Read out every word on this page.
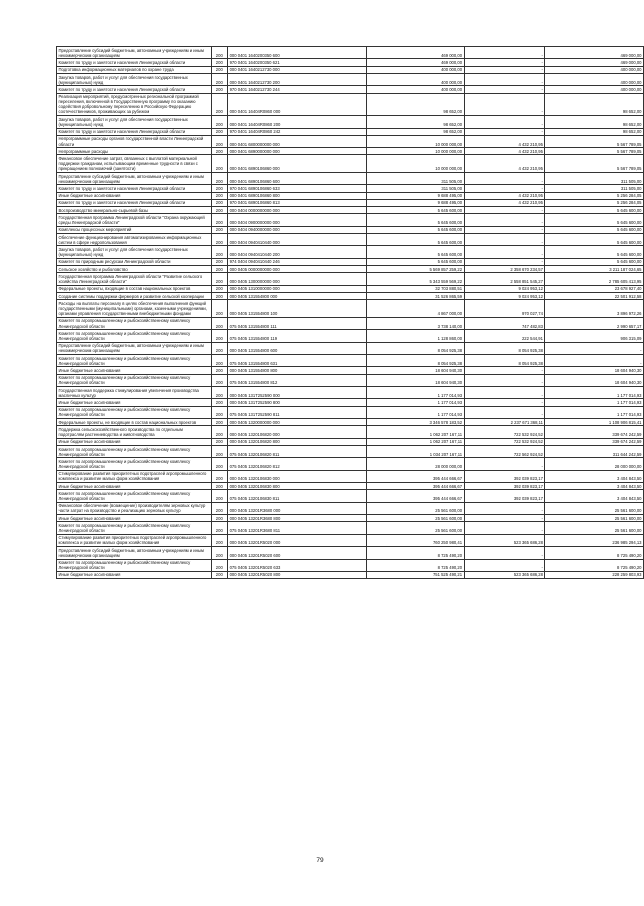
Предоставление субсидий бюджетным, автономным учреждениям и иным некоммерческим организациям	200	000 0401 1640200350 600	469 000,00	-	469 000,00
Комитет по труду и занятости населения Ленинградской области	200	970 0401 1640200350 621	469 000,00	-	469 000,00
Подготовка информационных материалов по охране труда	200	000 0401 1640212730 000	400 000,00	-	400 000,00
Закупка товаров, работ и услуг для обеспечения государственных (муниципальных) нужд	200	000 0401 1640212730 200	400 000,00	-	400 000,00
Комитет по труду и занятости населения Ленинградской области	200	970 0401 1640212730 244	400 000,00	-	400 000,00
Реализация мероприятий, предусмотренных региональной программой переселения, включенной в Государственную программу по оказанию содействия добровольному переселению в Российскую Федерацию соотечественников, проживающих за рубежом	200	000 0401 16404R0860 000	98 652,00	-	98 652,00
Закупка товаров, работ и услуг для обеспечения государственных (муниципальных) нужд	200	000 0401 16404R0860 200	98 652,00	-	98 652,00
Комитет по труду и занятости населения Ленинградской области	200	970 0401 16404R0860 242	98 652,00	-	98 652,00
Непрограммные расходы органов государственной власти Ленинградской области	200	000 0401 6800000000 000	10 000 000,00	4 432 210,95	5 567 789,05
Непрограммные расходы	200	000 0401 6890000000 000	10 000 000,00	4 432 210,95	5 567 789,05
Финансовое обеспечение затрат, связанных с выплатой материальной поддержки гражданам, испытывающим временные трудности в связи с прекращением полномочий (занятости)	200	000 0401 6890106860 000	10 000 000,00	4 432 210,95	5 567 789,05
Предоставление субсидий бюджетным, автономным учреждениям и иным некоммерческим организациям	200	000 0401 6890106860 600	311 505,00	-	311 505,00
Комитет по труду и занятости населения Ленинградской области	200	970 0401 6890106860 633	311 505,00	-	311 505,00
Иные бюджетные ассигнования	200	000 0401 6890106860 800	9 688 495,00	4 432 210,95	5 256 284,05
Комитет по труду и занятости населения Ленинградской области	200	970 0401 6890106860 813	9 688 495,00	4 432 210,95	5 256 284,05
Воспроизводство минерально-сырьевой базы	200	000 0404 0000000000 000	5 645 600,00	-	5 645 600,00
Государственная программа Ленинградской области "Охрана окружающей среды Ленинградской области"	200	000 0404 0900000000 000	5 645 600,00	-	5 645 600,00
Комплексы процессных мероприятий	200	000 0404 0940000000 000	5 645 600,00	-	5 645 600,00
Обеспечение функционирования автоматизированных информационных систем в сфере недропользования	200	000 0404 0940410440 000	5 645 600,00	-	5 645 600,00
Закупка товаров, работ и услуг для обеспечения государственных (муниципальных) нужд	200	000 0404 0940410440 200	5 645 600,00	-	5 645 600,00
Комитет по природным ресурсам Ленинградской области	200	974 0404 0940410440 246	5 645 600,00	-	5 645 600,00
Сельское хозяйство и рыболовство	200	000 0405 0000000000 000	5 569 857 259,22	2 358 670 234,57	3 211 187 024,65
Государственная программа Ленинградской области "Развитие сельского хозяйства Ленинградской области"	200	000 0405 1300000000 000	5 343 559 569,22	2 558 851 545,27	2 785 605 413,95
Федеральные проекты, входящие в состав национальных проектов	200	000 0405 1310000000 000	32 703 880,51	9 024 953,12	23 678 927,40
Создание системы поддержки фермеров и развитие сельской кооперации	200	000 0405 131554800 000	31 526 865,59	9 024 953,12	22 501 912,58
Расходы на выплаты персоналу в целях обеспечения выполнения функций государственными (муниципальными) органами, казенными учреждениями, органами управления государственными внебюджетными фондами	200	000 0405 131554800 100	4 867 000,00	970 027,74	3 896 972,26
Комитет по агропромышленному и рыбохозяйственному комплексу Ленинградской области	200	075 0405 131554800 111	3 738 140,00	747 482,83	2 990 657,17
Комитет по агропромышленному и рыбохозяйственному комплексу Ленинградской области	200	075 0405 131554800 119	1 128 860,00	222 544,91	906 315,09
Предоставление субсидий бюджетным, автономным учреждениям и иным некоммерческим организациям	200	000 0405 131554800 600	8 054 925,38	8 054 925,38	-
Комитет по агропромышленному и рыбохозяйственному комплексу Ленинградской области	200	075 0405 131554800 631	8 054 925,38	8 054 925,38	-
Иные бюджетные ассигнования	200	000 0405 131554800 800	18 604 940,30	-	18 604 940,30
Комитет по агропромышленному и рыбохозяйственному комплексу Ленинградской области	200	075 0405 131554800 812	18 604 940,30	-	18 604 940,30
Государственная поддержка стимулирования увеличения производства масличных культур	200	000 0405 131T252590 000	1 177 014,93	-	1 177 014,93
Иные бюджетные ассигнования	200	000 0405 131T252590 800	1 177 014,93	-	1 177 014,93
Комитет по агропромышленному и рыбохозяйственному комплексу Ленинградской области	200	075 0405 131T252590 811	1 177 014,93	-	1 177 014,93
Федеральные проекты, не входящие в состав национальных проектов	200	000 0405 1320000000 000	3 346 578 183,52	2 237 671 368,11	1 108 906 815,41
Поддержка сельскохозяйственного производства по отдельным подотраслям растениеводства и животноводства	200	000 0405 1320106820 000	1 062 207 167,11	722 532 924,52	339 674 242,59
Иные бюджетные ассигнования	200	000 0405 1320106820 800	1 062 207 167,11	722 532 924,52	339 674 242,59
Комитет по агропромышленному и рыбохозяйственному комплексу Ленинградской области	200	075 0405 1320106820 811	1 034 207 167,11	722 562 924,52	311 644 242,59
Комитет по агропромышленному и рыбохозяйственному комплексу Ленинградской области	200	075 0405 1320106820 812	28 000 000,00	-	28 000 000,00
Стимулирование развития приоритетных подотраслей агропромышленного комплекса и развитие малых форм хозяйствования	200	000 0405 1320106830 000	395 444 666,67	392 039 823,17	3 404 843,50
Иные бюджетные ассигнования	200	000 0405 1320106830 800	395 444 666,67	392 039 823,17	3 404 843,50
Комитет по агропромышленному и рыбохозяйственному комплексу Ленинградской области	200	075 0405 1320106830 811	395 444 666,67	392 039 823,17	3 404 843,50
Финансовое обеспечение (возмещение) производителям зерновых культур части затрат на производство и реализацию зерновых культур	200	000 0405 13201R3680 000	25 561 600,00	-	25 561 600,00
Иные бюджетные ассигнования	200	000 0405 13201R3680 800	25 561 600,00	-	25 561 600,00
Комитет по агропромышленному и рыбохозяйственному комплексу Ленинградской области	200	075 0405 13201R3680 811	25 561 600,00	-	25 561 600,00
Стимулирование развития приоритетных подотраслей агропромышленного комплекса и развитие малых форм хозяйствования	200	000 0405 13201R5020 000	760 250 980,41	523 365 686,28	236 985 294,13
Предоставление субсидий бюджетным, автономным учреждениям и иным некоммерческим организациям	200	000 0405 13201R5020 600	8 725 490,20	-	8 725 490,20
Комитет по агропромышленному и рыбохозяйственному комплексу Ленинградской области	200	075 0405 13201R5020 633	8 725 490,20	-	8 725 490,20
Иные бюджетные ассигнования	200	000 0405 13201R5020 800	751 525 490,21	523 365 686,28	228 259 803,93
79
